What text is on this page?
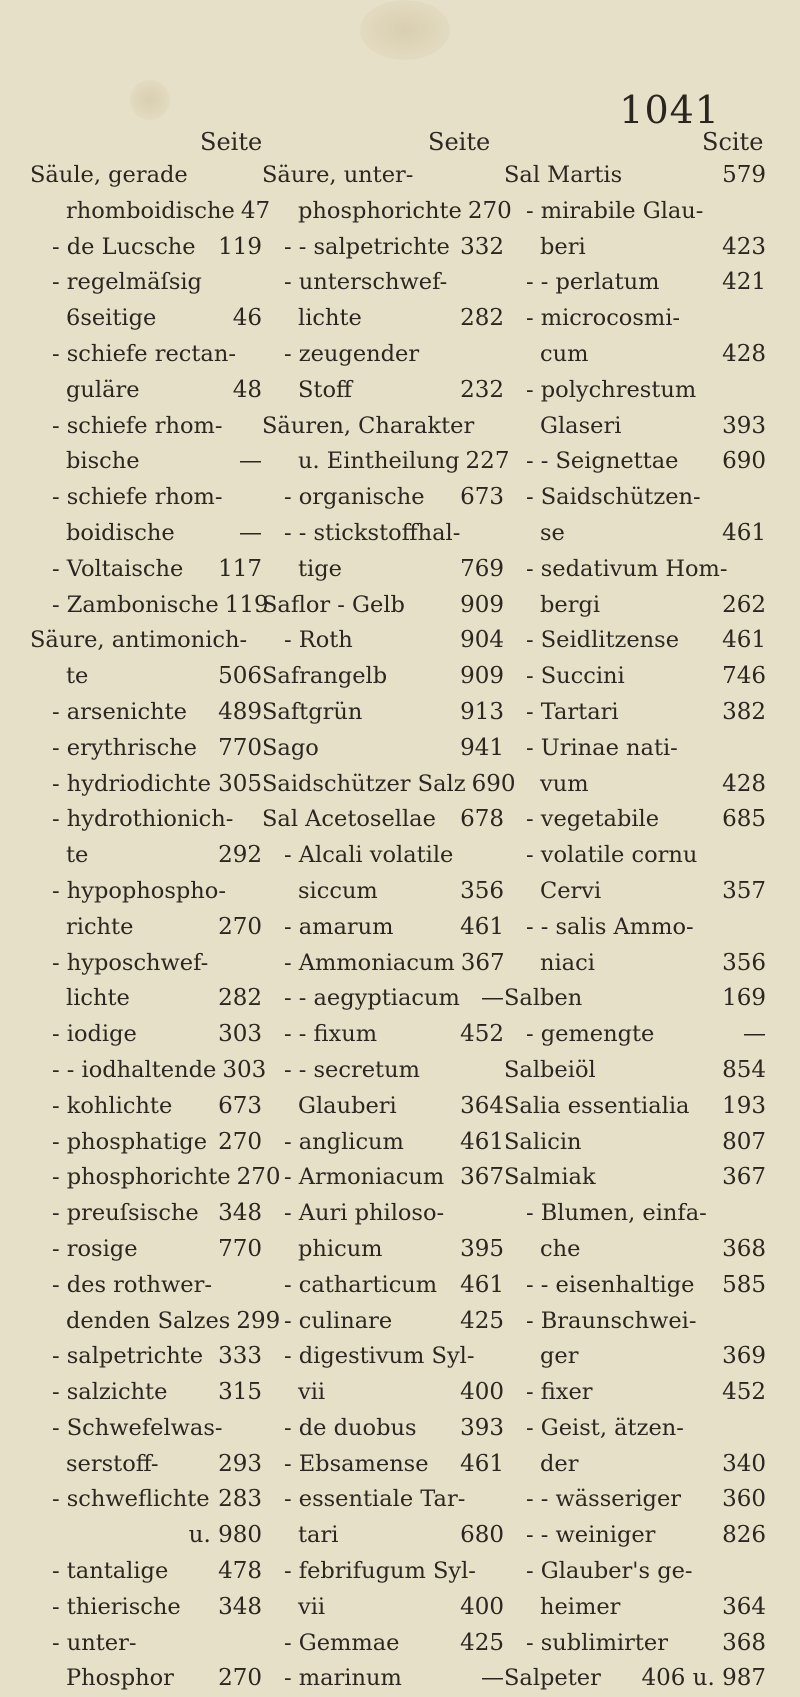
1041
Seite	Seite	Scite
Säule, gerade
rhomboidische 47
- de Lucsche 119
- regelmäſsig
6seitige	46
- schiefe rectan-
guläre	48
- schiefe rhom-
bische	—
- schiefe rhom-
boidische	—
- Voltaische	117
- Zambonische 119
Säure, antimonich-
te	506
- arsenichte	489
- erythrische 770
- hydriodichte 305
- hydrothionich-
te	292
- hypophospho-
richte	270
- hyposchwef-
lichte	282
- iodige	303
- - iodhaltende 303
- kohlichte	673
- phosphatige 270
- phosphorichte 270
- preuſsische 348
- rosige	770
- des rothwer-
denden Salzes 299
- salpetrichte 333
- salzichte	315
- Schwefelwas-
serstoff-	293
- schweflichte 283
u. 980
- tantalige	478
- thierische	348
- unter-
Phosphor	270
Säure, unter-
phosphorichte 270
- - salpetrichte 332
- unterschwef-
lichte	282
- zeugender
Stoff	232
Säuren, Charakter
u. Eintheilung 227
- organische	673
- - stickstoffhal-
tige	769
Saflor - Gelb	909
- Roth	904
Safrangelb	909
Saftgrün	913
Sago	941
Saidschützer Salz 690
Sal Acetosellae	678
- Alcali volatile
siccum	356
- amarum	461
- Ammoniacum 367
- - aegyptiacum —
- - fixum	452
- - secretum
Glauberi	364
- anglicum	461
- Armoniacum 367
- Auri philoso-
phicum	395
- catharticum 461
- culinare	425
- digestivum Syl-
vii	400
- de duobus	393
- Ebsamense	461
- essentiale Tar-
tari	680
- febrifugum Syl-
vii	400
- Gemmae	425
- marinum	—
Sal Martis	579
- mirabile Glau-
beri	423
- - perlatum	421
- microcosmi-
cum	428
- polychrestum
Glaseri	393
- - Seignettae	690
- Saidschützen-
se	461
- sedativum Hom-
bergi	262
- Seidlitzense	461
- Succini	746
- Tartari	382
- Urinae nati-
vum	428
- vegetabile	685
- volatile cornu
Cervi	357
- - salis Ammo-
niaci	356
Salben	169
- gemengte	—
Salbeiöl	854
Salia essentialia	193
Salicin	807
Salmiak	367
- Blumen, einfa-
che	368
- - eisenhaltige	585
- Braunschwei-
ger	369
- fixer	452
- Geist, ätzen-
der	340
- - wässeriger	360
- - weiniger	826
- Glauber's ge-
heimer	364
- sublimirter	368
Salpeter	406 u. 987
